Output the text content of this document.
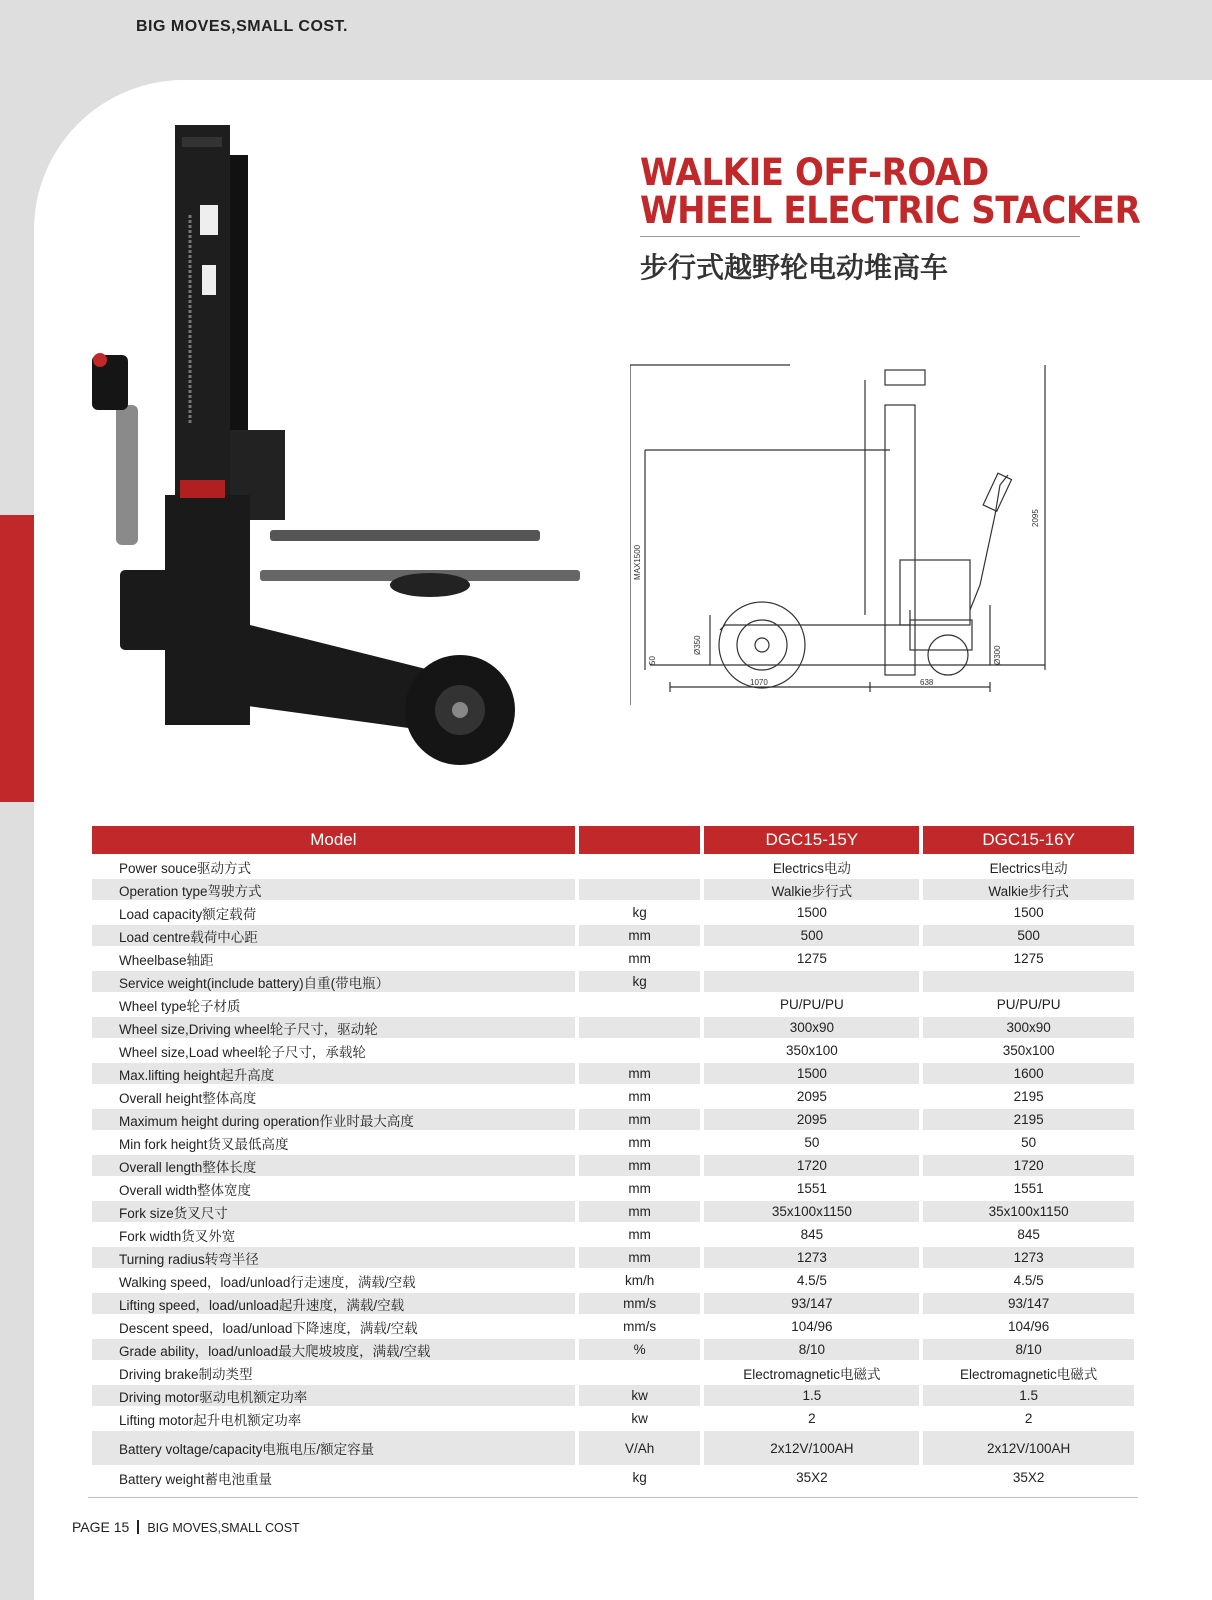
BIG MOVES,SMALL COST.
WALKIE OFF-ROAD
WHEEL ELECTRIC STACKER
步行式越野轮电动堆高车
MAX1500
2095
50
Ø350
Ø300
1070	638
Model		DGC15-15Y	DGC15-16Y
Power souce驱动方式		Electrics电动	Electrics电动
Operation type驾驶方式		Walkie步行式	Walkie步行式
Load capacity额定载荷	kg	1500	1500
Load centre载荷中心距	mm	500	500
Wheelbase轴距	mm	1275	1275
Service weight(include battery)自重(带电瓶）	kg		
Wheel type轮子材质		PU/PU/PU	PU/PU/PU
Wheel size,Driving wheel轮子尺寸，驱动轮		300x90	300x90
Wheel size,Load wheel轮子尺寸，承载轮		350x100	350x100
Max.lifting height起升高度	mm	1500	1600
Overall height整体高度	mm	2095	2195
Maximum height during operation作业时最大高度	mm	2095	2195
Min fork height货叉最低高度	mm	50	50
Overall length整体长度	mm	1720	1720
Overall width整体宽度	mm	1551	1551
Fork size货叉尺寸	mm	35x100x1150	35x100x1150
Fork width货叉外宽	mm	845	845
Turning radius转弯半径	mm	1273	1273
Walking speed，load/unload行走速度，满载/空载	km/h	4.5/5	4.5/5
Lifting speed，load/unload起升速度，满载/空载	mm/s	93/147	93/147
Descent speed，load/unload下降速度，满载/空载	mm/s	104/96	104/96
Grade ability，load/unload最大爬坡坡度，满载/空载	%	8/10	8/10
Driving brake制动类型		Electromagnetic电磁式	Electromagnetic电磁式
Driving motor驱动电机额定功率	kw	1.5	1.5
Lifting motor起升电机额定功率	kw	2	2
Battery voltage/capacity电瓶电压/额定容量	V/Ah	2x12V/100AH	2x12V/100AH
Battery weight蓄电池重量	kg	35X2	35X2
PAGE 15 BIG MOVES,SMALL COST
